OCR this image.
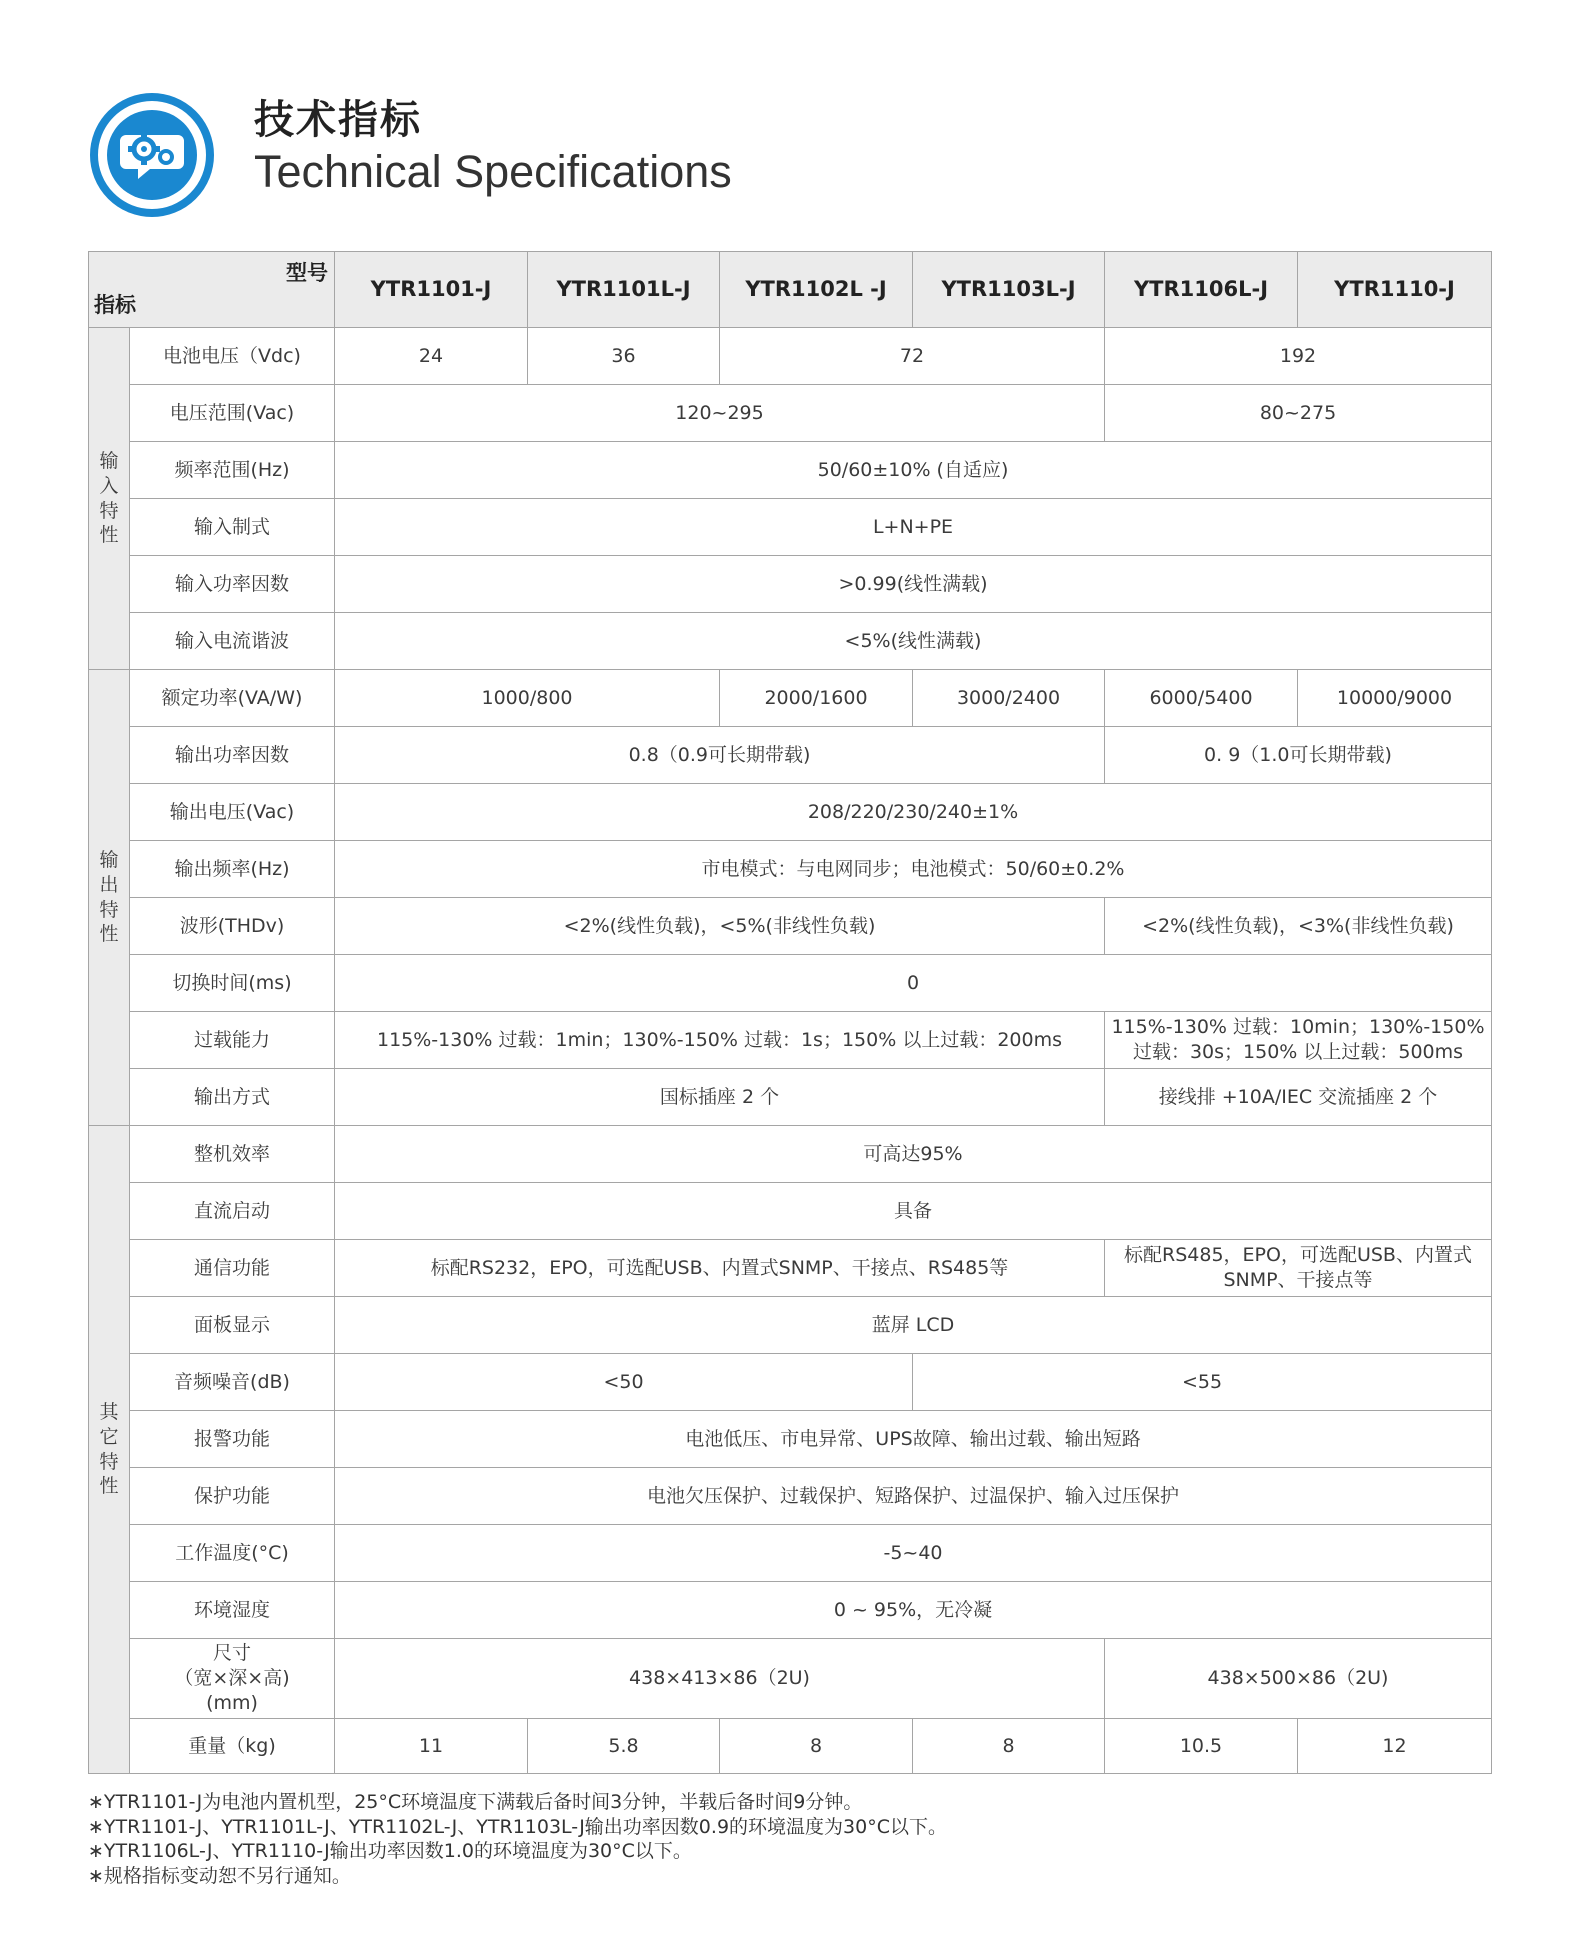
技术指标
Technical Specifications
型号
指标		YTR1101-J	YTR1101L-J	YTR1102L -J	YTR1103L-J	YTR1106L-J	YTR1110-J
输
入
特
性	电池电压（Vdc)	24	36	72		192	
	电压范围(Vac)	120~295				80~275	
	频率范围(Hz)	50/60±10% (自适应)					
	输入制式	L+N+PE					
	输入功率因数	>0.99(线性满载)					
	输入电流谐波	<5%(线性满载)					
输
出
特
性	额定功率(VA/W)	1000/800		2000/1600	3000/2400	6000/5400	10000/9000
	输出功率因数	0.8（0.9可长期带载)				0. 9（1.0可长期带载)	
	输出电压(Vac)	208/220/230/240±1%					
	输出频率(Hz)	市电模式：与电网同步；电池模式：50/60±0.2%					
	波形(THDv)	<2%(线性负载)，<5%(非线性负载)				<2%(线性负载)，<3%(非线性负载)	
	切换时间(ms)	0					
	过载能力	115%-130% 过载：1min；130%-150% 过载：1s；150% 以上过载：200ms				115%-130% 过载：10min；130%-150%
过载：30s；150% 以上过载：500ms	

	输出方式	国标插座 2 个				接线排 +10A/IEC 交流插座 2 个	
其
它
特
性	整机效率	可高达95%					
	直流启动	具备					
	通信功能	标配RS232，EPO，可选配USB、内置式SNMP、干接点、RS485等				标配RS485，EPO，可选配USB、内置式
SNMP、干接点等	

	面板显示	蓝屏 LCD					
	音频噪音(dB)	<50			<55		
	报警功能	电池低压、市电异常、UPS故障、输出过载、输出短路					
	保护功能	电池欠压保护、过载保护、短路保护、过温保护、输入过压保护					
	工作温度(°C)	-5~40					
	环境湿度	0 ~ 95%，无冷凝					

	尺寸
（宽×深×高)
(mm)	438×413×86（2U)				438×500×86（2U)	
	重量（kg)	11	5.8	8	8	10.5	12
∗YTR1101-J为电池内置机型，25°C环境温度下满载后备时间3分钟，半载后备时间9分钟。
∗YTR1101-J、YTR1101L-J、YTR1102L-J、YTR1103L-J输出功率因数0.9的环境温度为30°C以下。
∗YTR1106L-J、YTR1110-J输出功率因数1.0的环境温度为30°C以下。
∗规格指标变动恕不另行通知。
